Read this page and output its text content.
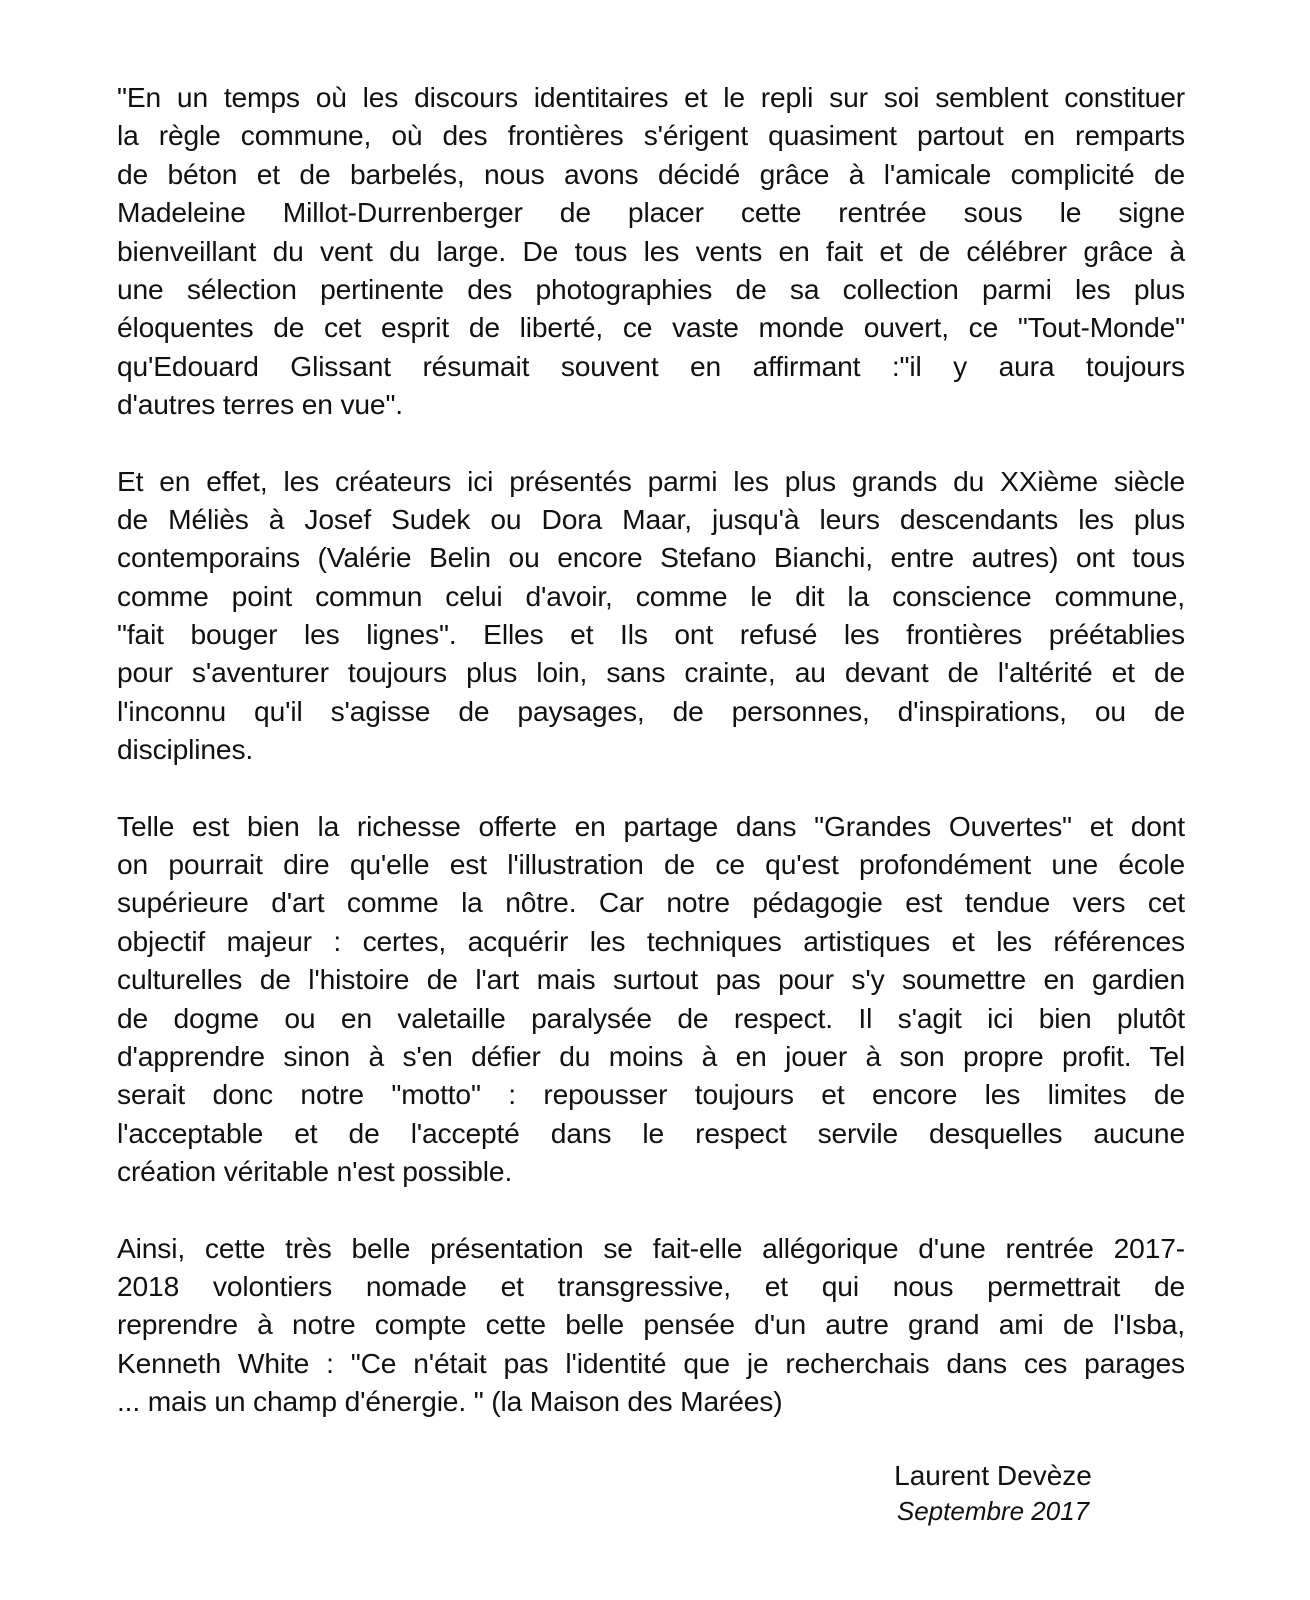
"En un temps où les discours identitaires et le repli sur soi semblent constituer
la règle commune, où des frontières s'érigent quasiment partout en remparts
de béton et de barbelés, nous avons décidé grâce à l'amicale complicité de
Madeleine Millot-Durrenberger de placer cette rentrée sous le signe
bienveillant du vent du large. De tous les vents en fait et de célébrer grâce à
une sélection pertinente des photographies de sa collection parmi les plus
éloquentes de cet esprit de liberté, ce vaste monde ouvert, ce "Tout-Monde"
qu'Edouard Glissant résumait souvent en affirmant :"il y aura toujours
d'autres terres en vue".
Et en effet, les créateurs ici présentés parmi les plus grands du XXième siècle
de Méliès à Josef Sudek ou Dora Maar, jusqu'à leurs descendants les plus
contemporains (Valérie Belin ou encore Stefano Bianchi, entre autres) ont tous
comme point commun celui d'avoir, comme le dit la conscience commune,
"fait bouger les lignes". Elles et Ils ont refusé les frontières préétablies
pour s'aventurer toujours plus loin, sans crainte, au devant de l'altérité et de
l'inconnu qu'il s'agisse de paysages, de personnes, d'inspirations, ou de
disciplines.
Telle est bien la richesse offerte en partage dans "Grandes Ouvertes" et dont
on pourrait dire qu'elle est l'illustration de ce qu'est profondément une école
supérieure d'art comme la nôtre. Car notre pédagogie est tendue vers cet
objectif majeur : certes, acquérir les techniques artistiques et les références
culturelles de l'histoire de l'art mais surtout pas pour s'y soumettre en gardien
de dogme ou en valetaille paralysée de respect. Il s'agit ici bien plutôt
d'apprendre sinon à s'en défier du moins à en jouer à son propre profit. Tel
serait donc notre "motto" : repousser toujours et encore les limites de
l'acceptable et de l'accepté dans le respect servile desquelles aucune
création véritable n'est possible.
Ainsi, cette très belle présentation se fait-elle allégorique d'une rentrée 2017-
2018 volontiers nomade et transgressive, et qui nous permettrait de
reprendre à notre compte cette belle pensée d'un autre grand ami de l'Isba,
Kenneth White : "Ce n'était pas l'identité que je recherchais dans ces parages
... mais un champ d'énergie. " (la Maison des Marées)
Laurent Devèze
Septembre 2017
